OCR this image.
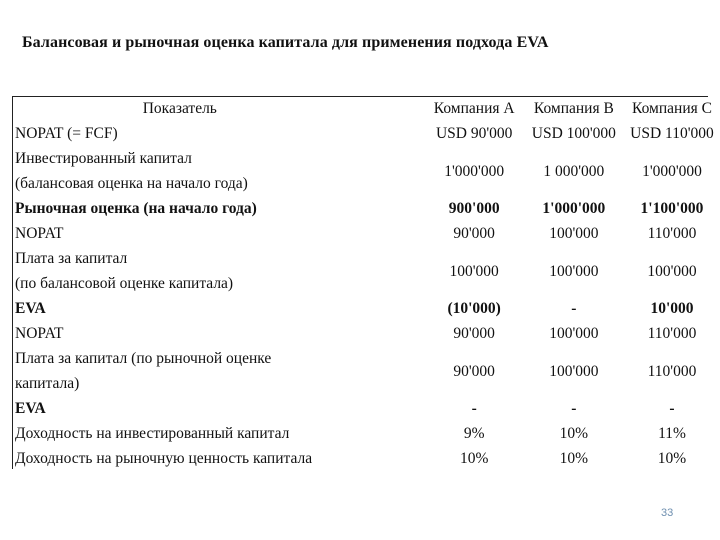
Балансовая и рыночная оценка капитала для применения подхода EVA
Показатель	Компания A	Компания B	Компания C
NOPAT (= FCF)	USD 90'000	USD 100'000	USD 110'000

Инвестированный капитал
(балансовая оценка на начало года)	1'000'000	1 000'000	1'000'000
Рыночная оценка (на начало года)	900'000	1'000'000	1'100'000
NOPAT	90'000	100'000	110'000

Плата за капитал
(по балансовой оценке капитала)	100'000	100'000	100'000
EVA	(10'000)	-	10'000
NOPAT	90'000	100'000	110'000

Плата за капитал (по рыночной оценке
капитала)	90'000	100'000	110'000
EVA	-	-	-
Доходность на инвестированный капитал	9%	10%	11%
Доходность на рыночную ценность капитала	10%	10%	10%
33
